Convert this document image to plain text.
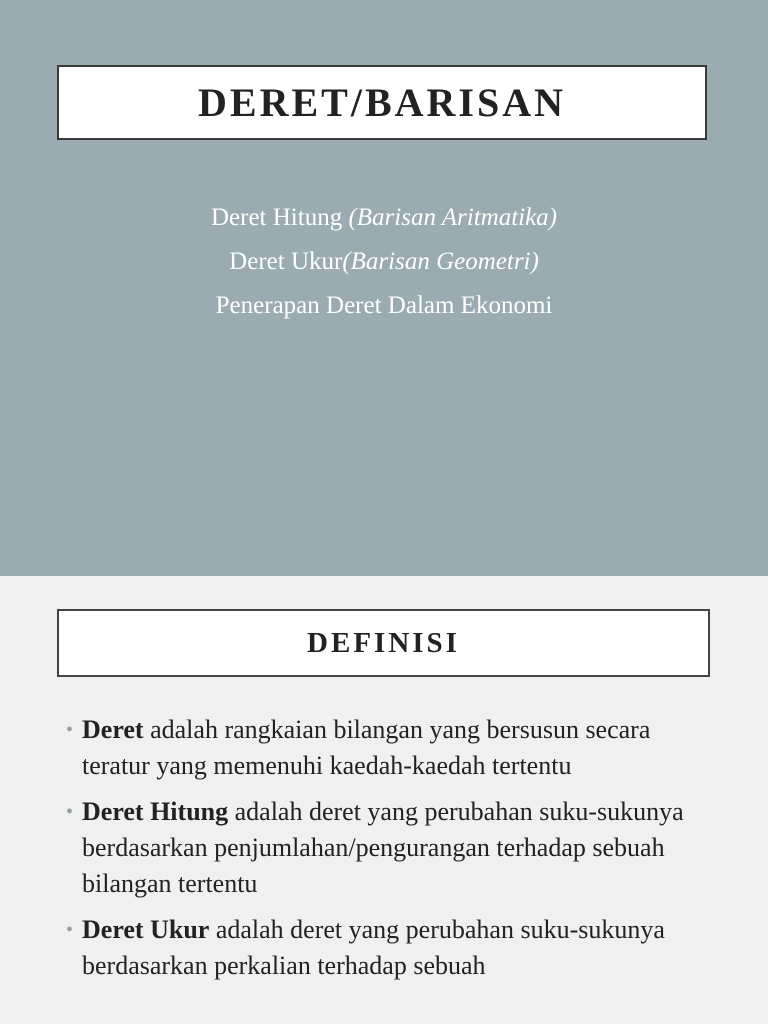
DERET/BARISAN
Deret Hitung (Barisan Aritmatika)
Deret Ukur(Barisan Geometri)
Penerapan Deret Dalam Ekonomi
DEFINISI
• Deret adalah rangkaian bilangan yang bersusun secara teratur yang memenuhi kaedah-kaedah tertentu
• Deret Hitung adalah deret yang perubahan suku-sukunya berdasarkan penjumlahan/pengurangan terhadap sebuah bilangan tertentu
• Deret Ukur adalah deret yang perubahan suku-sukunya berdasarkan perkalian terhadap sebuah
